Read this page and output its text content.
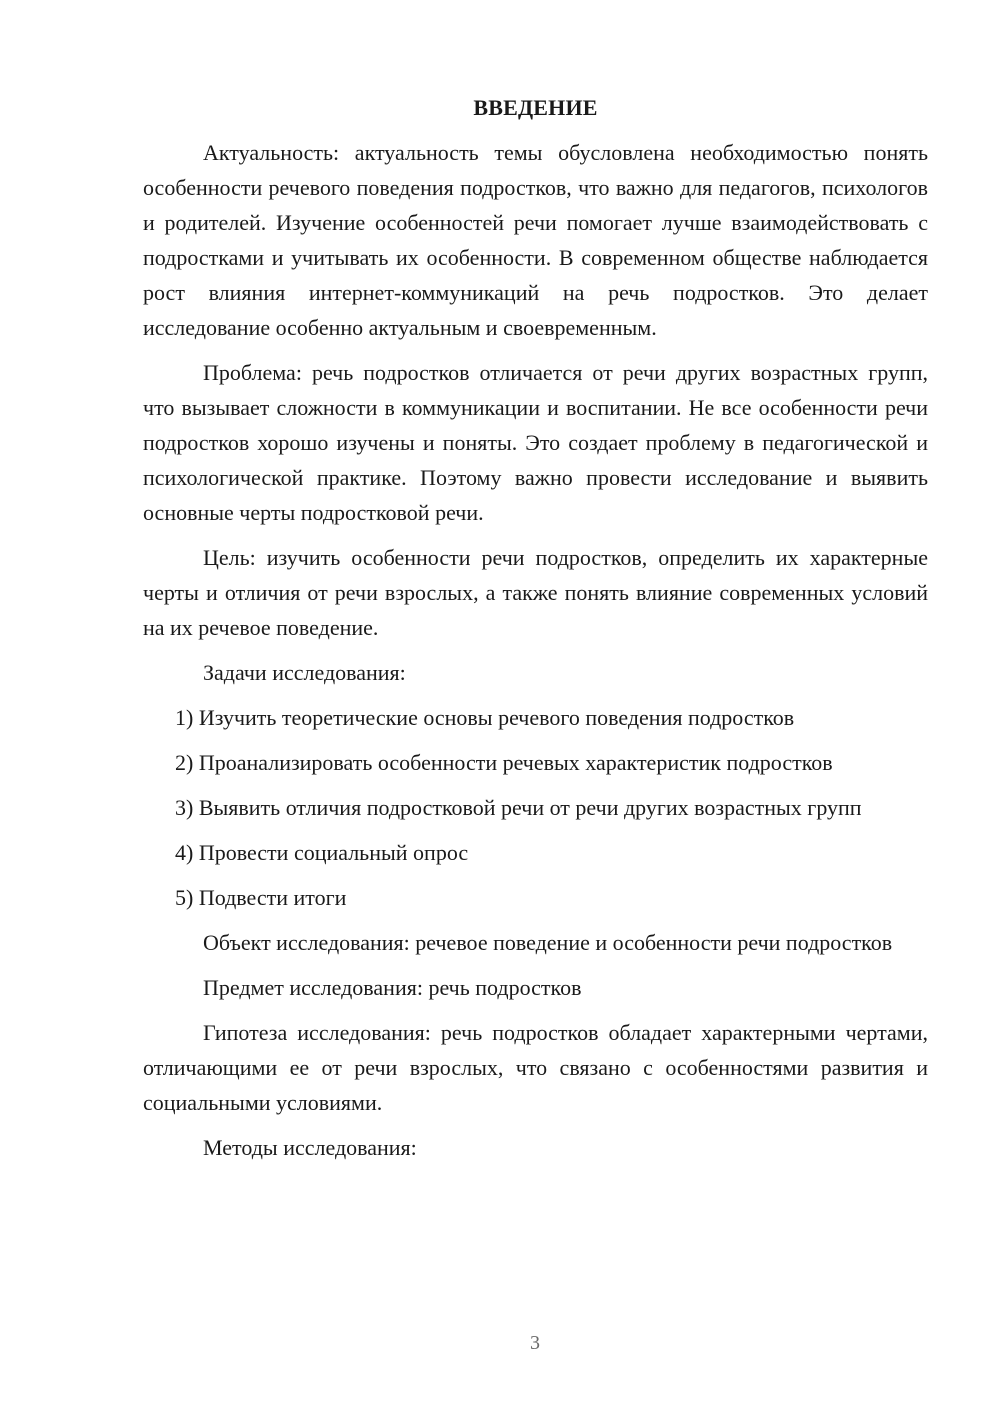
ВВЕДЕНИЕ

Актуальность: актуальность темы обусловлена необходимостью понять особенности речевого поведения подростков, что важно для педагогов, психологов и родителей. Изучение особенностей речи помогает лучше взаимодействовать с подростками и учитывать их особенности. В современном обществе наблюдается рост влияния интернет-коммуникаций на речь подростков. Это делает исследование особенно актуальным и своевременным.

Проблема: речь подростков отличается от речи других возрастных групп, что вызывает сложности в коммуникации и воспитании. Не все особенности речи подростков хорошо изучены и поняты. Это создает проблему в педагогической и психологической практике. Поэтому важно провести исследование и выявить основные черты подростковой речи.

Цель: изучить особенности речи подростков, определить их характерные черты и отличия от речи взрослых, а также понять влияние современных условий на их речевое поведение.

Задачи исследования:

1) Изучить теоретические основы речевого поведения подростков

2) Проанализировать особенности речевых характеристик подростков

3) Выявить отличия подростковой речи от речи других возрастных групп

4) Провести социальный опрос

5) Подвести итоги

Объект исследования: речевое поведение и особенности речи подростков

Предмет исследования: речь подростков

Гипотеза исследования: речь подростков обладает характерными чертами, отличающими ее от речи взрослых, что связано с особенностями развития и социальными условиями.

Методы исследования:

3
